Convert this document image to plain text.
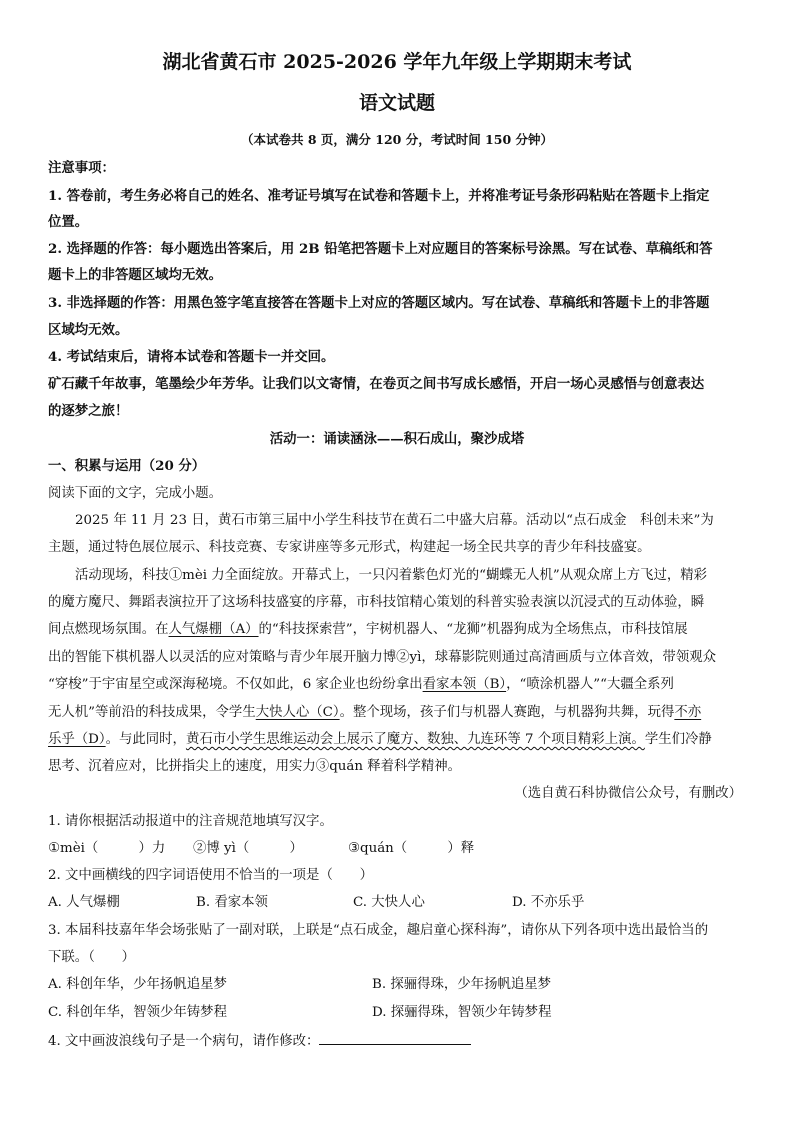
湖北省黄石市 2025-2026 学年九年级上学期期末考试
语文试题
（本试卷共 8 页，满分 120 分，考试时间 150 分钟）
注意事项：
1. 答卷前，考生务必将自己的姓名、准考证号填写在试卷和答题卡上，并将准考证号条形码粘贴在答题卡上指定
位置。
2. 选择题的作答：每小题选出答案后，用 2B 铅笔把答题卡上对应题目的答案标号涂黑。写在试卷、草稿纸和答
题卡上的非答题区域均无效。
3. 非选择题的作答：用黑色签字笔直接答在答题卡上对应的答题区域内。写在试卷、草稿纸和答题卡上的非答题
区域均无效。
4. 考试结束后，请将本试卷和答题卡一并交回。
矿石藏千年故事，笔墨绘少年芳华。让我们以文寄情，在卷页之间书写成长感悟，开启一场心灵感悟与创意表达
的逐梦之旅！
活动一：诵读涵泳——积石成山，聚沙成塔
一、积累与运用（20 分）
阅读下面的文字，完成小题。
2025 年 11 月 23 日，黄石市第三届中小学生科技节在黄石二中盛大启幕。活动以“点石成金　科创未来”为
主题，通过特色展位展示、科技竞赛、专家讲座等多元形式，构建起一场全民共享的青少年科技盛宴。
活动现场，科技①mèi 力全面绽放。开幕式上，一只闪着紫色灯光的“蝴蝶无人机”从观众席上方飞过，精彩
的魔方魔尺、舞蹈表演拉开了这场科技盛宴的序幕，市科技馆精心策划的科普实验表演以沉浸式的互动体验，瞬
间点燃现场氛围。在人气爆棚（A）的“科技探索营”，宇树机器人、“龙狮”机器狗成为全场焦点，市科技馆展
出的智能下棋机器人以灵活的应对策略与青少年展开脑力博②yì，球幕影院则通过高清画质与立体音效，带领观众
“穿梭”于宇宙星空或深海秘境。不仅如此，6 家企业也纷纷拿出看家本领（B），“喷涂机器人”“大疆全系列
无人机”等前沿的科技成果，令学生大快人心（C）。整个现场，孩子们与机器人赛跑，与机器狗共舞，玩得不亦
乐乎（D）。与此同时，黄石市小学生思维运动会上展示了魔方、数独、九连环等 7 个项目精彩上演。学生们冷静
思考、沉着应对，比拼指尖上的速度，用实力③quán 释着科学精神。
（选自黄石科协微信公众号，有删改）
1. 请你根据活动报道中的注音规范地填写汉字。
①mèi（　　　）力 ②博 yì（　　　）	③quán（　　　）释
2. 文中画横线的四字词语使用不恰当的一项是（　　）
A. 人气爆棚	B. 看家本领	C. 大快人心	D. 不亦乐乎
3. 本届科技嘉年华会场张贴了一副对联，上联是“点石成金，趣启童心探科海”，请你从下列各项中选出最恰当的
下联。（　　）
A. 科创年华，少年扬帆追星梦	B. 探骊得珠，少年扬帆追星梦
C. 科创年华，智领少年铸梦程	D. 探骊得珠，智领少年铸梦程
4. 文中画波浪线句子是一个病句，请作修改：
